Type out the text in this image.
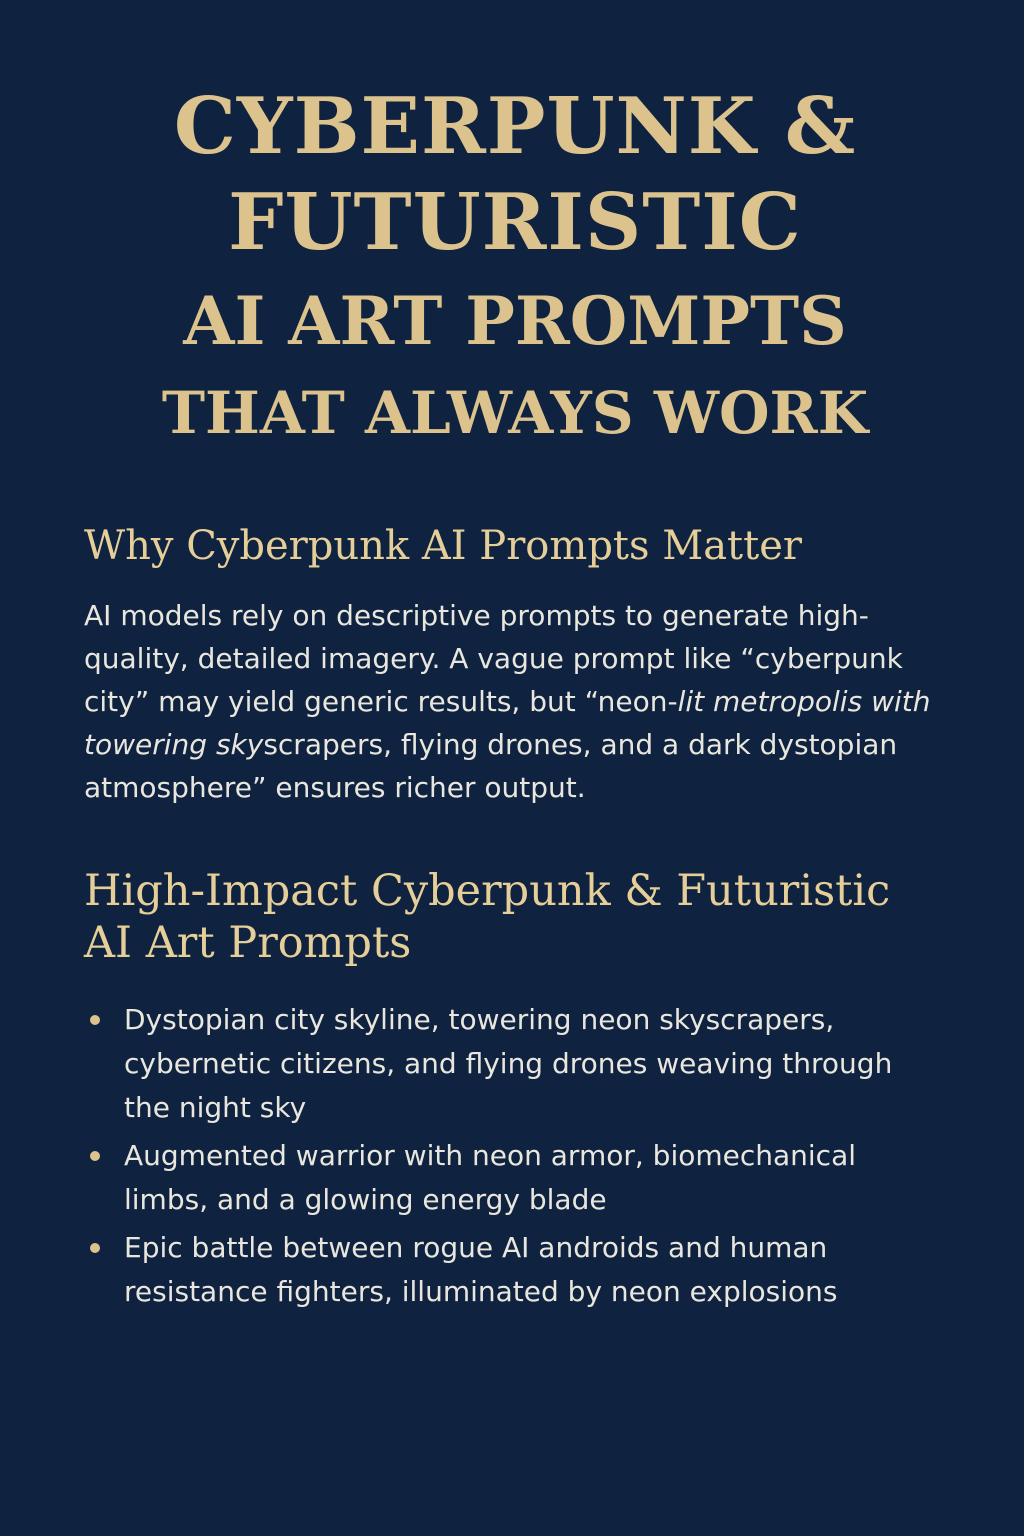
CYBERPUNK &
FUTURISTIC
AI ART PROMPTS
THAT ALWAYS WORK
Why Cyberpunk AI Prompts Matter

AI models rely on descriptive prompts to generate high-quality, detailed imagery. A vague prompt like “cyberpunk city” may yield generic results, but “neon-lit metropolis with towering skyscrapers, flying drones, and a dark dystopian atmosphere” ensures richer output.

High-Impact Cyberpunk & Futuristic AI Art Prompts
Dystopian city skyline, towering neon skyscrapers, cybernetic citizens, and flying drones weaving through the night sky
Augmented warrior with neon armor, biomechanical limbs, and a glowing energy blade
Epic battle between rogue AI androids and human resistance fighters, illuminated by neon explosions
